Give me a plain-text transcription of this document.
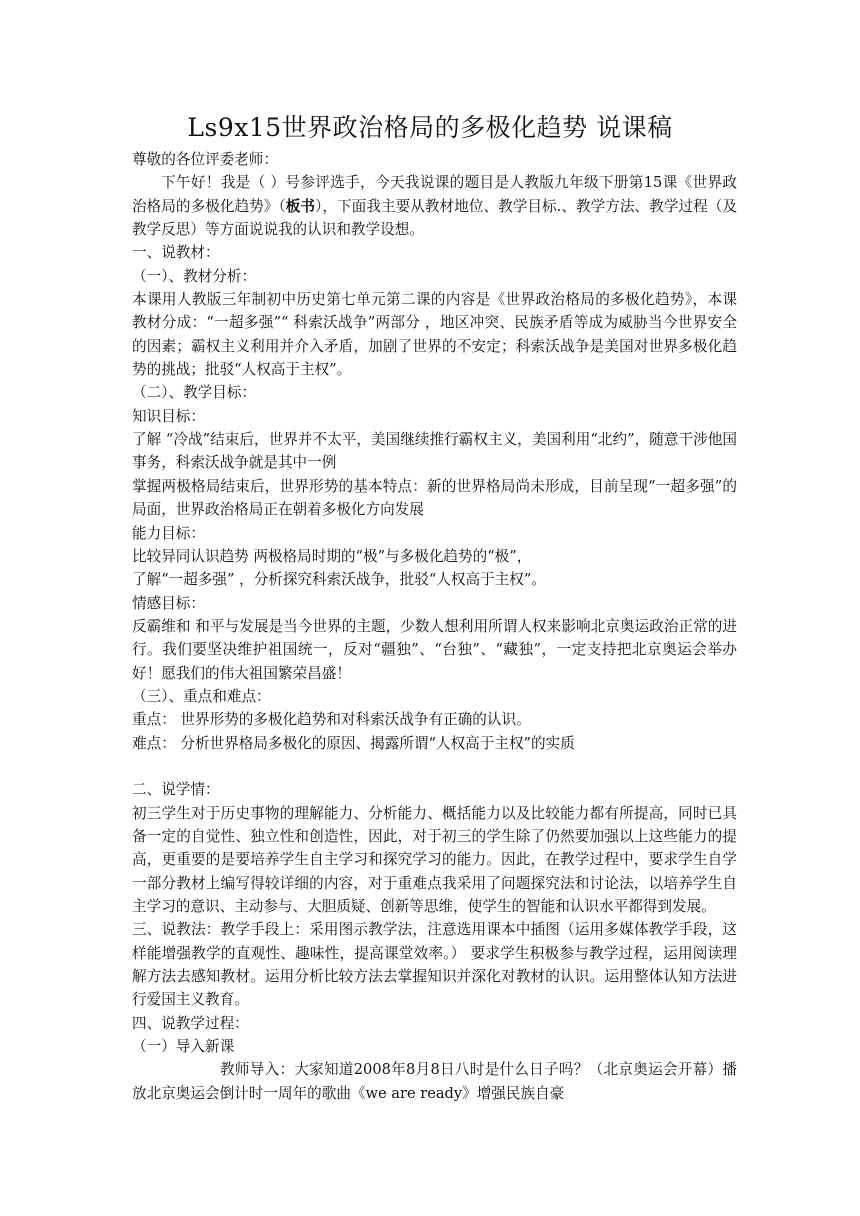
Ls9x15世界政治格局的多极化趋势 说课稿

尊敬的各位评委老师：

下午好！我是（ ）号参评选手，今天我说课的题目是人教版九年级下册第15课《世界政治格局的多极化趋势》（板书），下面我主要从教材地位、教学目标.、教学方法、教学过程（及教学反思）等方面说说我的认识和教学设想。

一、说教材：

（一）、教材分析：

本课用人教版三年制初中历史第七单元第二课的内容是《世界政治格局的多极化趋势》，本课教材分成：“一超多强”“ 科索沃战争”两部分 ，地区冲突、民族矛盾等成为威胁当今世界安全的因素；霸权主义利用并介入矛盾，加剧了世界的不安定；科索沃战争是美国对世界多极化趋势的挑战；批驳“人权高于主权”。

（二）、教学目标：

知识目标：

了解 “冷战”结束后，世界并不太平，美国继续推行霸权主义，美国利用“北约”，随意干涉他国事务，科索沃战争就是其中一例

掌握两极格局结束后，世界形势的基本特点：新的世界格局尚未形成，目前呈现“一超多强”的局面，世界政治格局正在朝着多极化方向发展

能力目标：

比较异同认识趋势 两极格局时期的“极”与多极化趋势的“极”，

了解“一超多强” ，分析探究科索沃战争，批驳“人权高于主权”。

情感目标：

反霸维和 和平与发展是当今世界的主题，少数人想利用所谓人权来影响北京奥运政治正常的进行。我们要坚决维护祖国统一，反对“疆独”、“台独”、“藏独”，一定支持把北京奥运会举办好！愿我们的伟大祖国繁荣昌盛！

（三）、重点和难点：

重点： 世界形势的多极化趋势和对科索沃战争有正确的认识。

难点： 分析世界格局多极化的原因、揭露所谓“人权高于主权”的实质

二、说学情：

初三学生对于历史事物的理解能力、分析能力、概括能力以及比较能力都有所提高，同时已具备一定的自觉性、独立性和创造性，因此，对于初三的学生除了仍然要加强以上这些能力的提高，更重要的是要培养学生自主学习和探究学习的能力。因此，在教学过程中，要求学生自学一部分教材上编写得较详细的内容，对于重难点我采用了问题探究法和讨论法，以培养学生自主学习的意识、主动参与、大胆质疑、创新等思维，使学生的智能和认识水平都得到发展。

三、说教法：教学手段上：采用图示教学法，注意选用课本中插图（运用多媒体教学手段，这样能增强教学的直观性、趣味性，提高课堂效率。） 要求学生积极参与教学过程，运用阅读理解方法去感知教材。运用分析比较方法去掌握知识并深化对教材的认识。运用整体认知方法进行爱国主义教育。

四、说教学过程：

（一）导入新课

教师导入：大家知道2008年8月8日八时是什么日子吗？（北京奥运会开幕）播放北京奥运会倒计时一周年的歌曲《we are ready》增强民族自豪
